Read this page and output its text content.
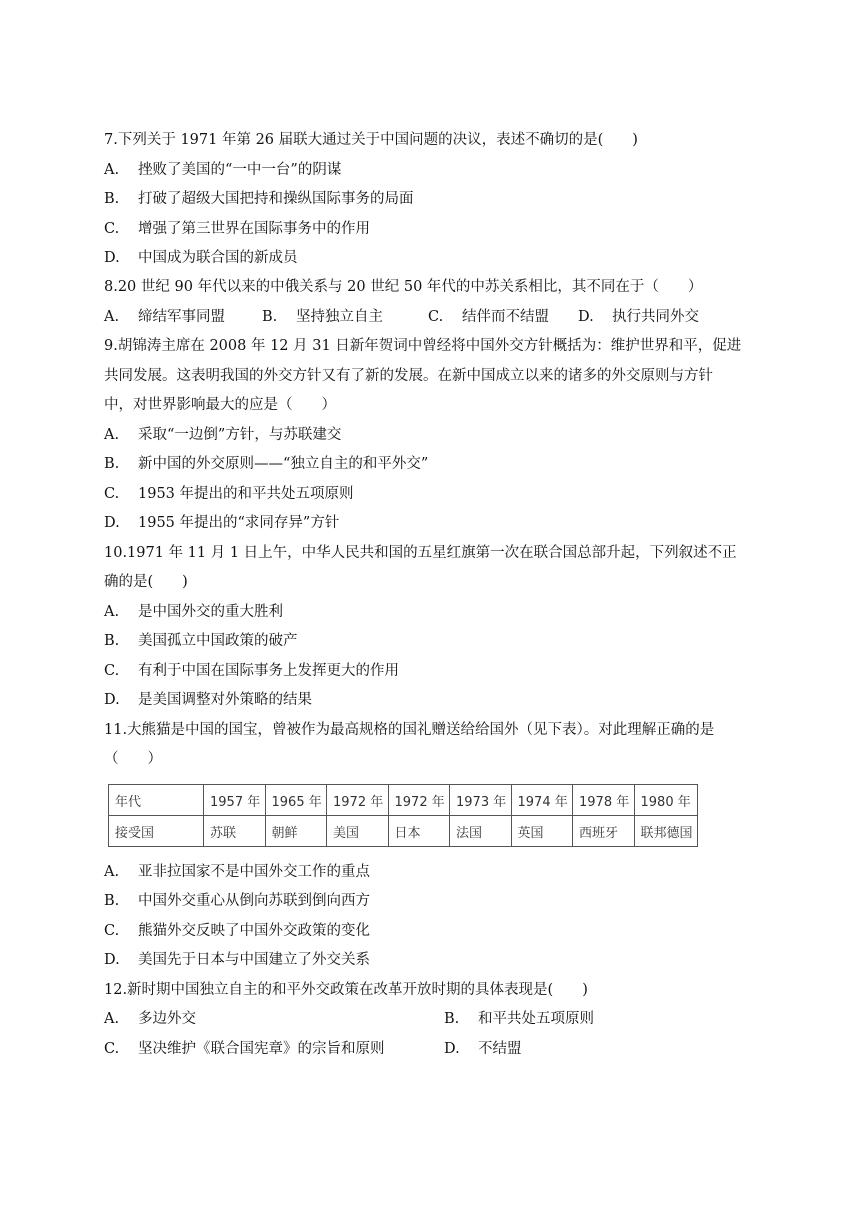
7.下列关于 1971 年第 26 届联大通过关于中国问题的决议，表述不确切的是(　　)
A. 挫败了美国的“一中一台”的阴谋
B. 打破了超级大国把持和操纵国际事务的局面
C. 增强了第三世界在国际事务中的作用
D. 中国成为联合国的新成员
8.20 世纪 90 年代以来的中俄关系与 20 世纪 50 年代的中苏关系相比，其不同在于（　　）
A. 缔结军事同盟	B. 坚持独立自主	C. 结伴而不结盟 D. 执行共同外交
9.胡锦涛主席在 2008 年 12 月 31 日新年贺词中曾经将中国外交方针概括为：维护世界和平，促进
共同发展。这表明我国的外交方针又有了新的发展。在新中国成立以来的诸多的外交原则与方针
中，对世界影响最大的应是（　　）
A. 采取“一边倒”方针，与苏联建交
B. 新中国的外交原则——“独立自主的和平外交”
C. 1953 年提出的和平共处五项原则
D. 1955 年提出的“求同存异”方针
10.1971 年 11 月 1 日上午，中华人民共和国的五星红旗第一次在联合国总部升起，下列叙述不正
确的是(　　)
A. 是中国外交的重大胜利
B. 美国孤立中国政策的破产
C. 有利于中国在国际事务上发挥更大的作用
D. 是美国调整对外策略的结果
11.大熊猫是中国的国宝，曾被作为最高规格的国礼赠送给给国外（见下表）。对此理解正确的是
（　　）
年代	1957 年	1965 年	1972 年	1972 年	1973 年	1974 年	1978 年	1980 年
接受国	苏联	朝鲜	美国	日本	法国	英国	西班牙	联邦德国
A. 亚非拉国家不是中国外交工作的重点
B. 中国外交重心从倒向苏联到倒向西方
C. 熊猫外交反映了中国外交政策的变化
D. 美国先于日本与中国建立了外交关系
12.新时期中国独立自主的和平外交政策在改革开放时期的具体表现是(　　)
A. 多边外交	B. 和平共处五项原则
C. 坚决维护《联合国宪章》的宗旨和原则	D. 不结盟
